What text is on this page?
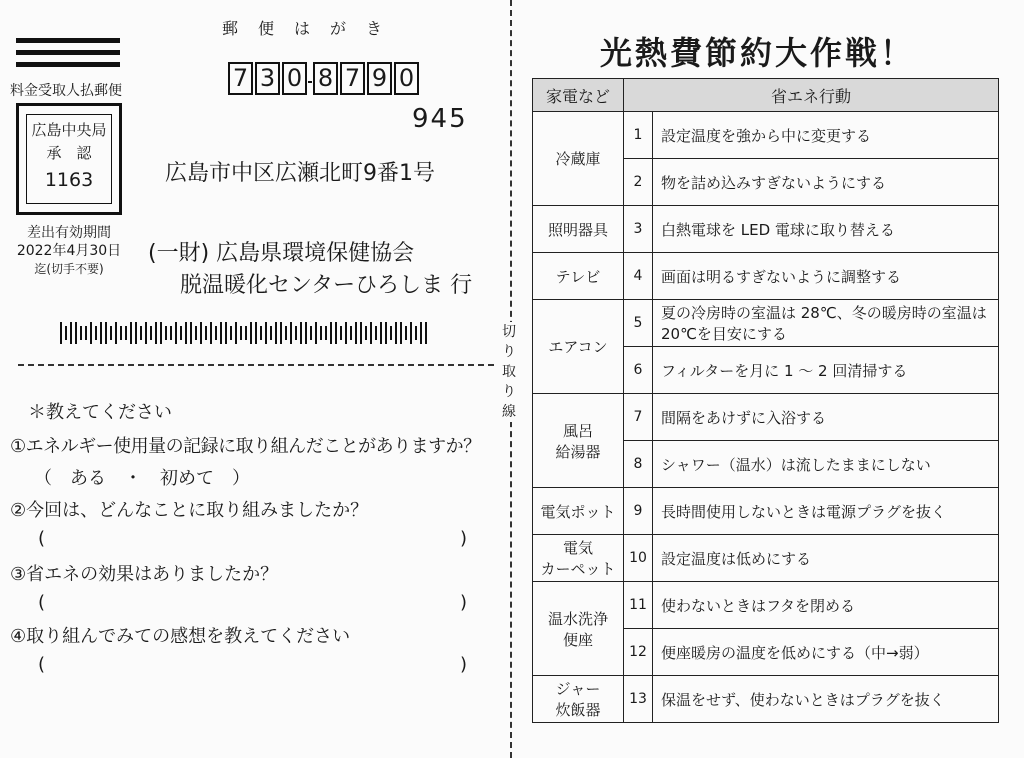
郵　便　は　が　き
7 3 0 8 7 9 0
945
料金受取人払郵便
広島中央局
承　認
1163
差出有効期間
2022年4月30日
迄(切手不要)
広島市中区広瀬北町9番1号
(一財) 広島県環境保健協会
脱温暖化センターひろしま 行
切り取り線
＊教えてください
①エネルギー使用量の記録に取り組んだことがありますか？
（　ある　・　初めて　）
②今回は、どんなことに取り組みましたか？
(	)
③省エネの効果はありましたか？
(	)
④取り組んでみての感想を教えてください
(	)
光熱費節約大作戦！
家電など	省エネ行動	

冷蔵庫	1	設定温度を強から中に変更する
	2	物を詰め込みすぎないようにする

照明器具	3	白熱電球を LED 電球に取り替える

テレビ	4	画面は明るすぎないように調整する

エアコン	5	夏の冷房時の室温は 28℃、冬の暖房時の室温は 20℃を目安にする
	6	フィルターを月に 1 〜 2 回清掃する

風呂
給湯器	7	間隔をあけずに入浴する
	8	シャワー（温水）は流したままにしない

電気ポット	9	長時間使用しないときは電源プラグを抜く

電気
カーペット	10	設定温度は低めにする

温水洗浄
便座	11	使わないときはフタを閉める
	12	便座暖房の温度を低めにする（中→弱）

ジャー
炊飯器	13	保温をせず、使わないときはプラグを抜く
